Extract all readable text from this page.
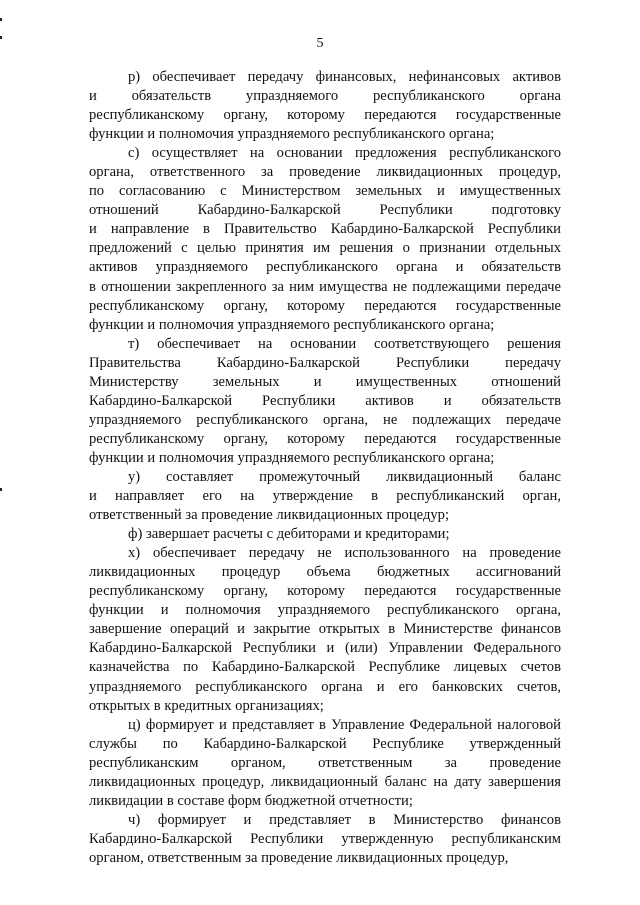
5

р) обеспечивает передачу финансовых, нефинансовых активов
и обязательств упраздняемого республиканского органа
республиканскому органу, которому передаются государственные
функции и полномочия упраздняемого республиканского органа;

с) осуществляет на основании предложения республиканского
органа, ответственного за проведение ликвидационных процедур,
по согласованию с Министерством земельных и имущественных
отношений Кабардино-Балкарской Республики подготовку
и направление в Правительство Кабардино-Балкарской Республики
предложений с целью принятия им решения о признании отдельных
активов упраздняемого республиканского органа и обязательств
в отношении закрепленного за ним имущества не подлежащими передаче
республиканскому органу, которому передаются государственные
функции и полномочия упраздняемого республиканского органа;

т) обеспечивает на основании соответствующего решения
Правительства Кабардино-Балкарской Республики передачу
Министерству земельных и имущественных отношений
Кабардино-Балкарской Республики активов и обязательств
упраздняемого республиканского органа, не подлежащих передаче
республиканскому органу, которому передаются государственные
функции и полномочия упраздняемого республиканского органа;

у) составляет промежуточный ликвидационный баланс
и направляет его на утверждение в республиканский орган,
ответственный за проведение ликвидационных процедур;

ф) завершает расчеты с дебиторами и кредиторами;

х) обеспечивает передачу не использованного на проведение
ликвидационных процедур объема бюджетных ассигнований
республиканскому органу, которому передаются государственные
функции и полномочия упраздняемого республиканского органа,
завершение операций и закрытие открытых в Министерстве финансов
Кабардино-Балкарской Республики и (или) Управлении Федерального
казначейства по Кабардино-Балкарской Республике лицевых счетов
упраздняемого республиканского органа и его банковских счетов,
открытых в кредитных организациях;

ц) формирует и представляет в Управление Федеральной налоговой
службы по Кабардино-Балкарской Республике утвержденный
республиканским органом, ответственным за проведение
ликвидационных процедур, ликвидационный баланс на дату завершения
ликвидации в составе форм бюджетной отчетности;

ч) формирует и представляет в Министерство финансов
Кабардино-Балкарской Республики утвержденную республиканским
органом, ответственным за проведение ликвидационных процедур,
